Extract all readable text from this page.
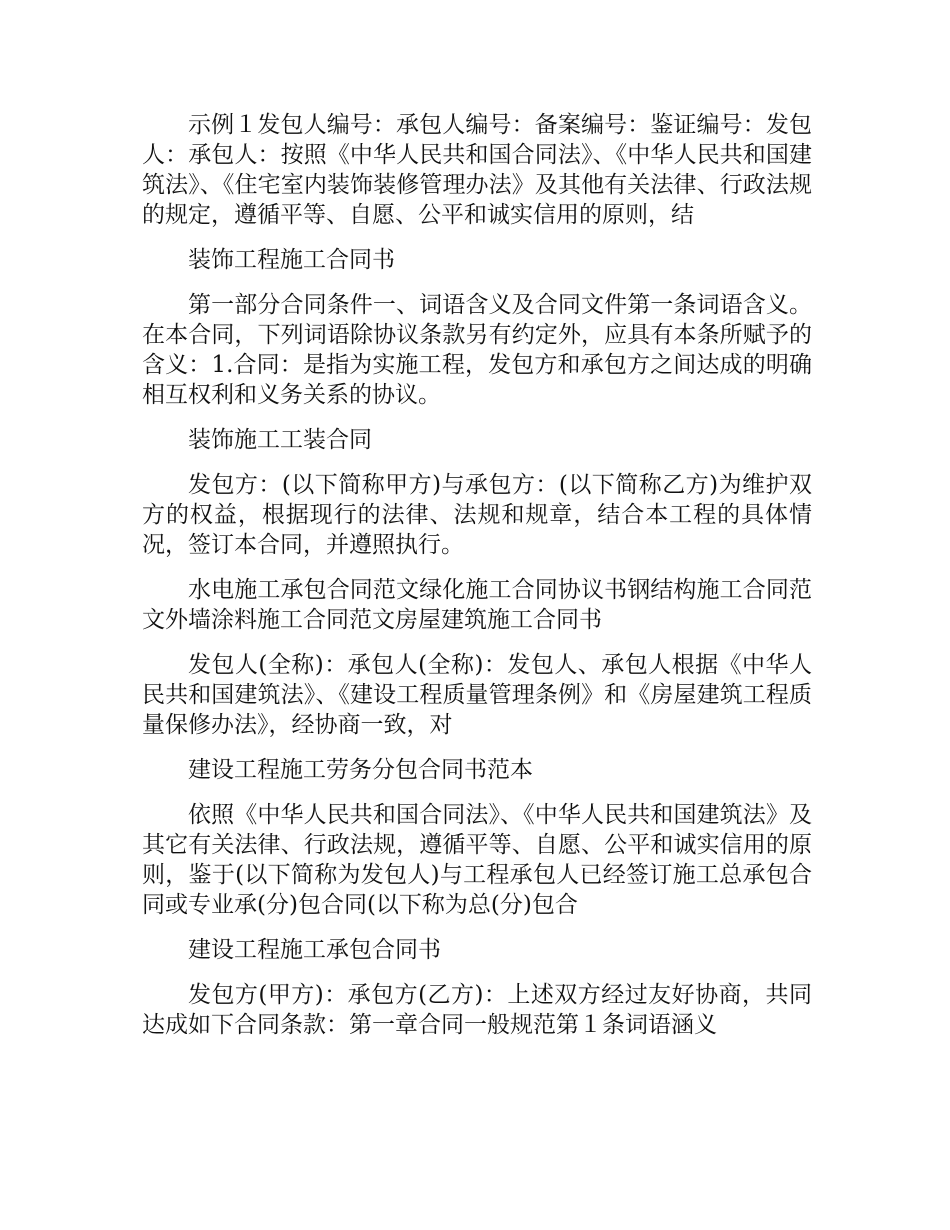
示例１发包人编号：承包人编号：备案编号：鉴证编号：发包人：承包人：按照《中华人民共和国合同法》、《中华人民共和国建筑法》、《住宅室内装饰装修管理办法》及其他有关法律、行政法规的规定，遵循平等、自愿、公平和诚实信用的原则，结

装饰工程施工合同书

第一部分合同条件一、词语含义及合同文件第一条词语含义。在本合同，下列词语除协议条款另有约定外，应具有本条所赋予的含义：1.合同：是指为实施工程，发包方和承包方之间达成的明确相互权利和义务关系的协议。

装饰施工工装合同

发包方：(以下简称甲方)与承包方：(以下简称乙方)为维护双方的权益，根据现行的法律、法规和规章，结合本工程的具体情况，签订本合同，并遵照执行。

水电施工承包合同范文绿化施工合同协议书钢结构施工合同范文外墙涂料施工合同范文房屋建筑施工合同书

发包人(全称)：承包人(全称)：发包人、承包人根据《中华人民共和国建筑法》、《建设工程质量管理条例》和《房屋建筑工程质量保修办法》，经协商一致，对

建设工程施工劳务分包合同书范本

依照《中华人民共和国合同法》、《中华人民共和国建筑法》及其它有关法律、行政法规，遵循平等、自愿、公平和诚实信用的原则，鉴于(以下简称为发包人)与工程承包人已经签订施工总承包合同或专业承(分)包合同(以下称为总(分)包合

建设工程施工承包合同书

发包方(甲方)：承包方(乙方)：上述双方经过友好协商，共同达成如下合同条款：第一章合同一般规范第１条词语涵义
